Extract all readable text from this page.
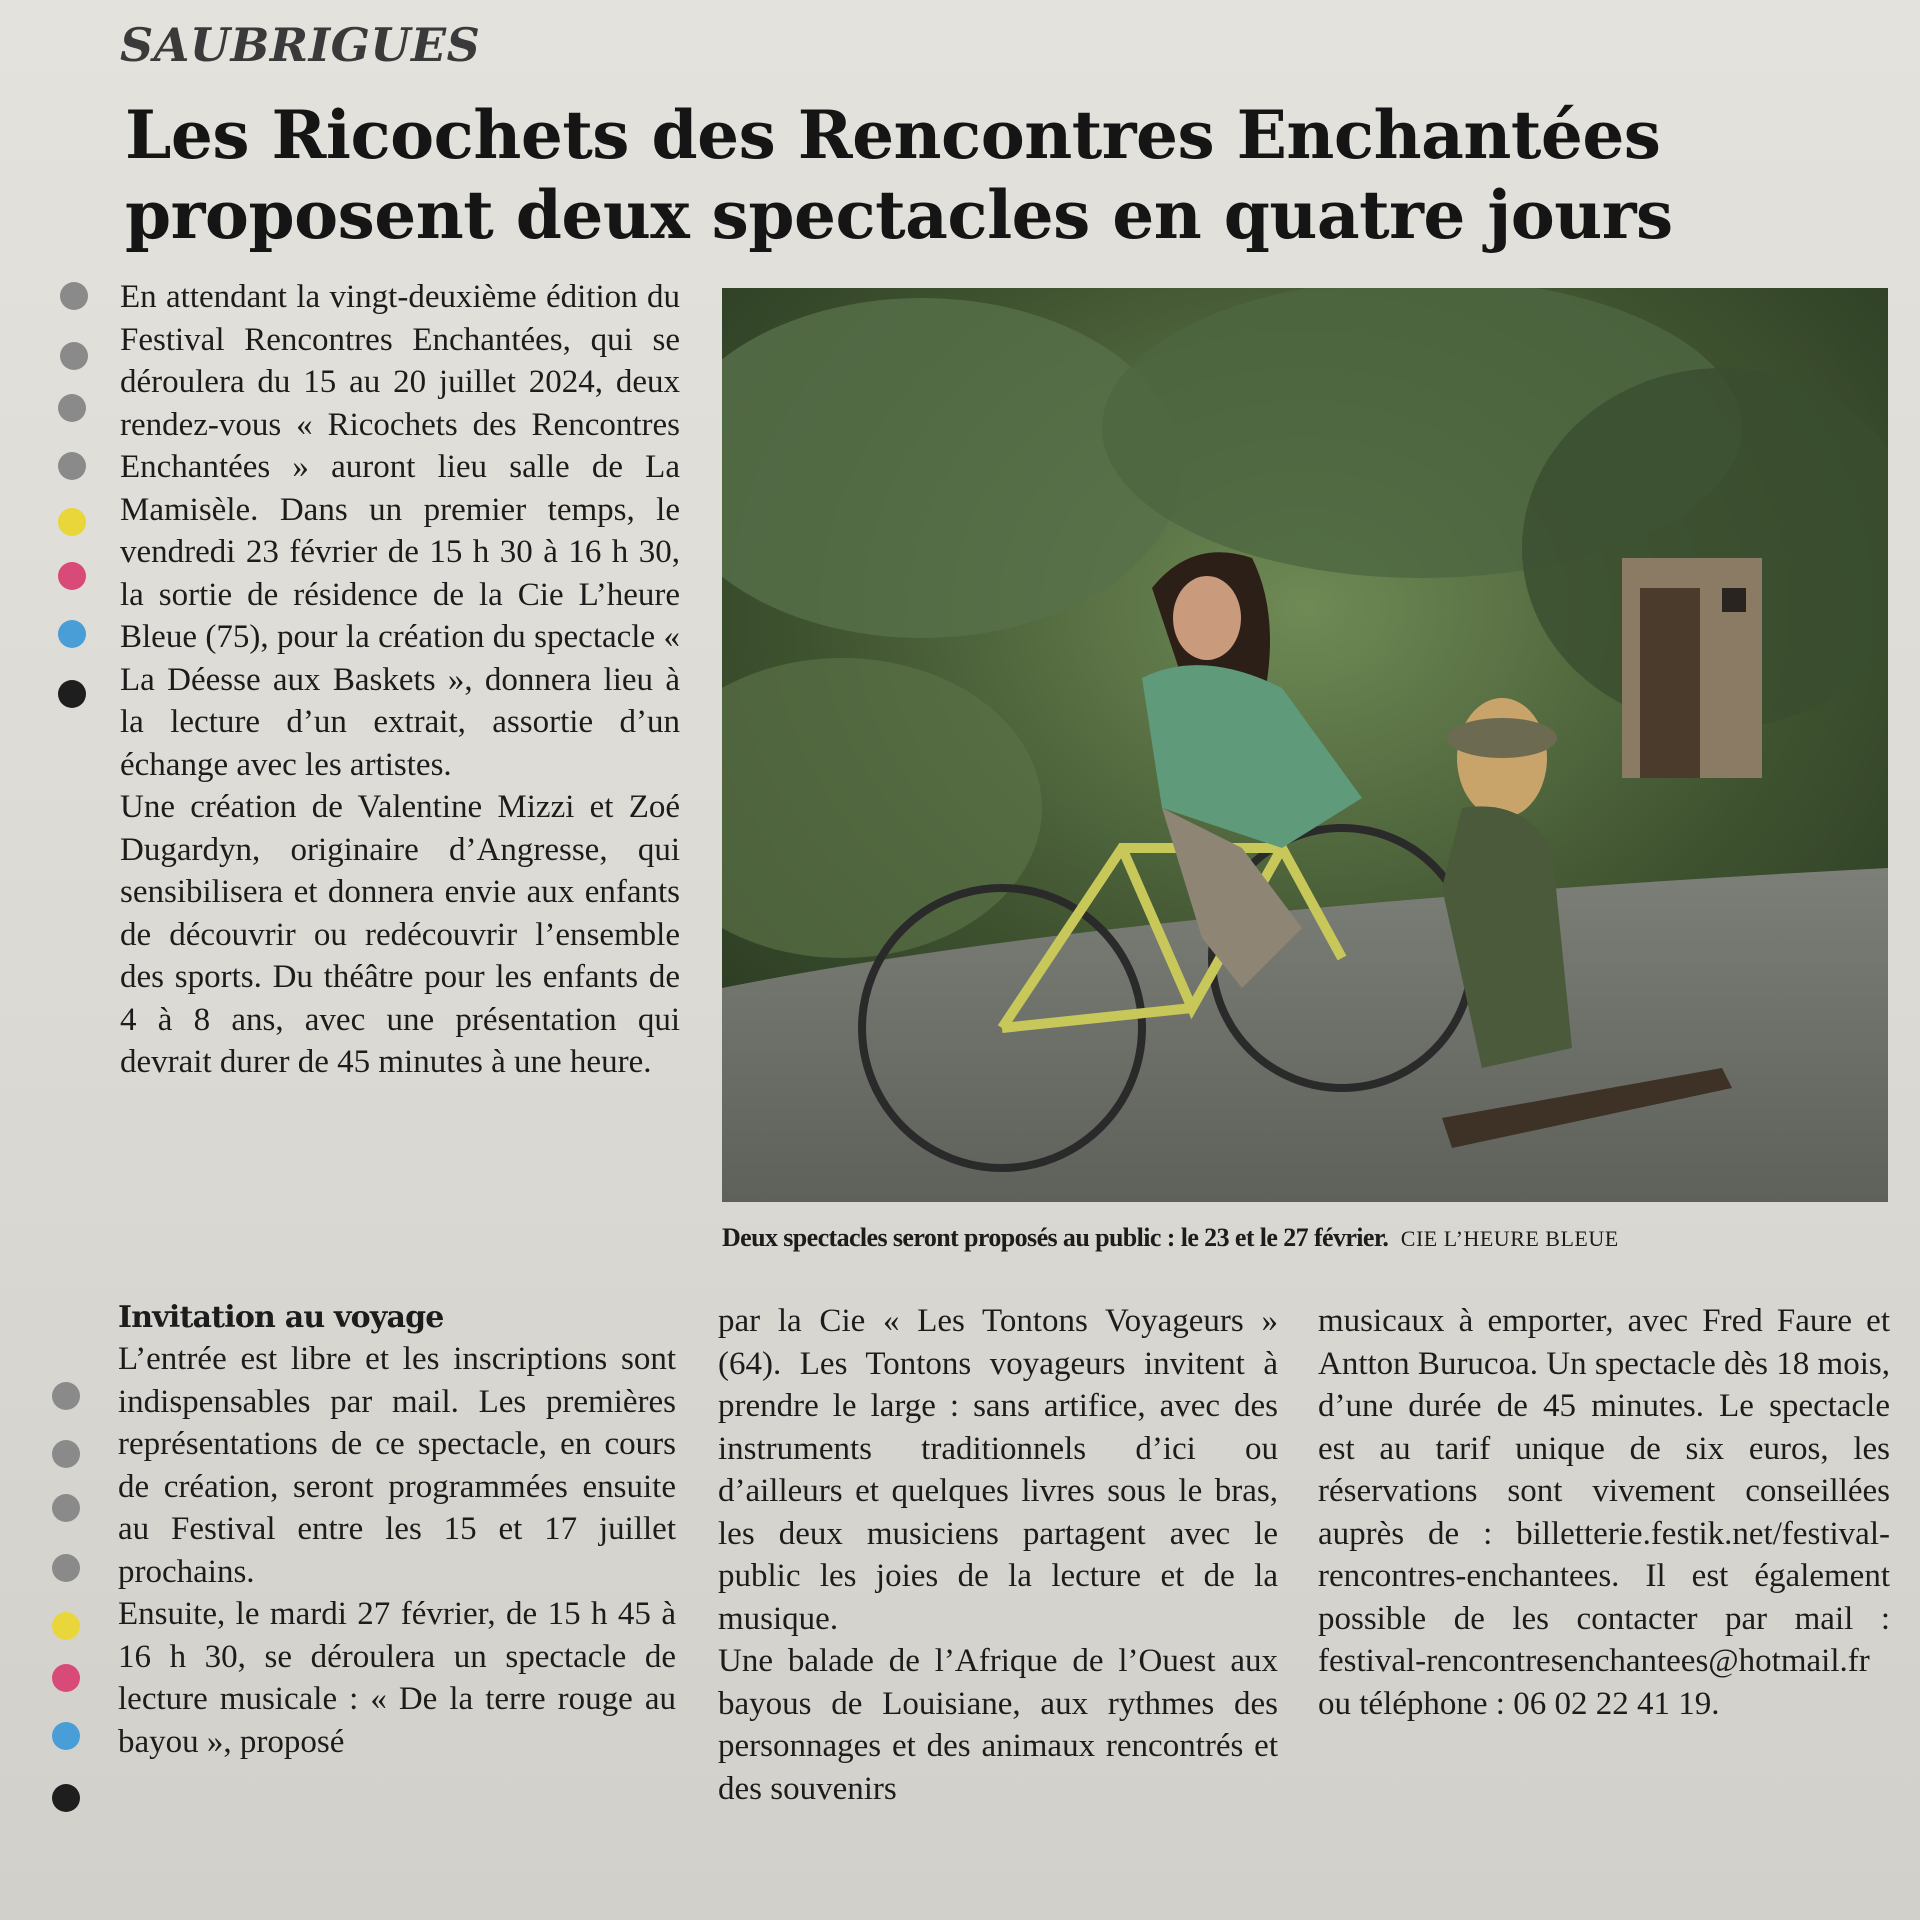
SAUBRIGUES
Les Ricochets des Rencontres Enchantées proposent deux spectacles en quatre jours

En attendant la vingt-deuxième édition du Festival Rencontres Enchantées, qui se déroulera du 15 au 20 juillet 2024, deux rendez-vous « Ricochets des Rencontres Enchantées » auront lieu salle de La Mamisèle. Dans un premier temps, le vendredi 23 février de 15 h 30 à 16 h 30, la sortie de résidence de la Cie L’heure Bleue (75), pour la création du spectacle « La Déesse aux Baskets », donnera lieu à la lecture d’un extrait, assortie d’un échange avec les artistes.

Une création de Valentine Mizzi et Zoé Dugardyn, originaire d’Angresse, qui sensibilisera et donnera envie aux enfants de découvrir ou redécouvrir l’ensemble des sports. Du théâtre pour les enfants de 4 à 8 ans, avec une présentation qui devrait durer de 45 minutes à une heure.

Deux spectacles seront proposés au public : le 23 et le 27 février. CIE L’HEURE BLEUE
Invitation au voyage

L’entrée est libre et les inscriptions sont indispensables par mail. Les premières représentations de ce spectacle, en cours de création, seront programmées ensuite au Festival entre les 15 et 17 juillet prochains.

Ensuite, le mardi 27 février, de 15 h 45 à 16 h 30, se déroulera un spectacle de lecture musicale : « De la terre rouge au bayou », proposé

par la Cie « Les Tontons Voyageurs » (64). Les Tontons voyageurs invitent à prendre le large : sans artifice, avec des instruments traditionnels d’ici ou d’ailleurs et quelques livres sous le bras, les deux musiciens partagent avec le public les joies de la lecture et de la musique.

Une balade de l’Afrique de l’Ouest aux bayous de Louisiane, aux rythmes des personnages et des animaux rencontrés et des souvenirs

musicaux à emporter, avec Fred Faure et Antton Burucoa. Un spectacle dès 18 mois, d’une durée de 45 minutes. Le spectacle est au tarif unique de six euros, les réservations sont vivement conseillées auprès de : billetterie.festik.net/festival-rencontres-enchantees. Il est également possible de les contacter par mail : festival-rencontresenchantees@hotmail.fr ou téléphone : 06 02 22 41 19.
